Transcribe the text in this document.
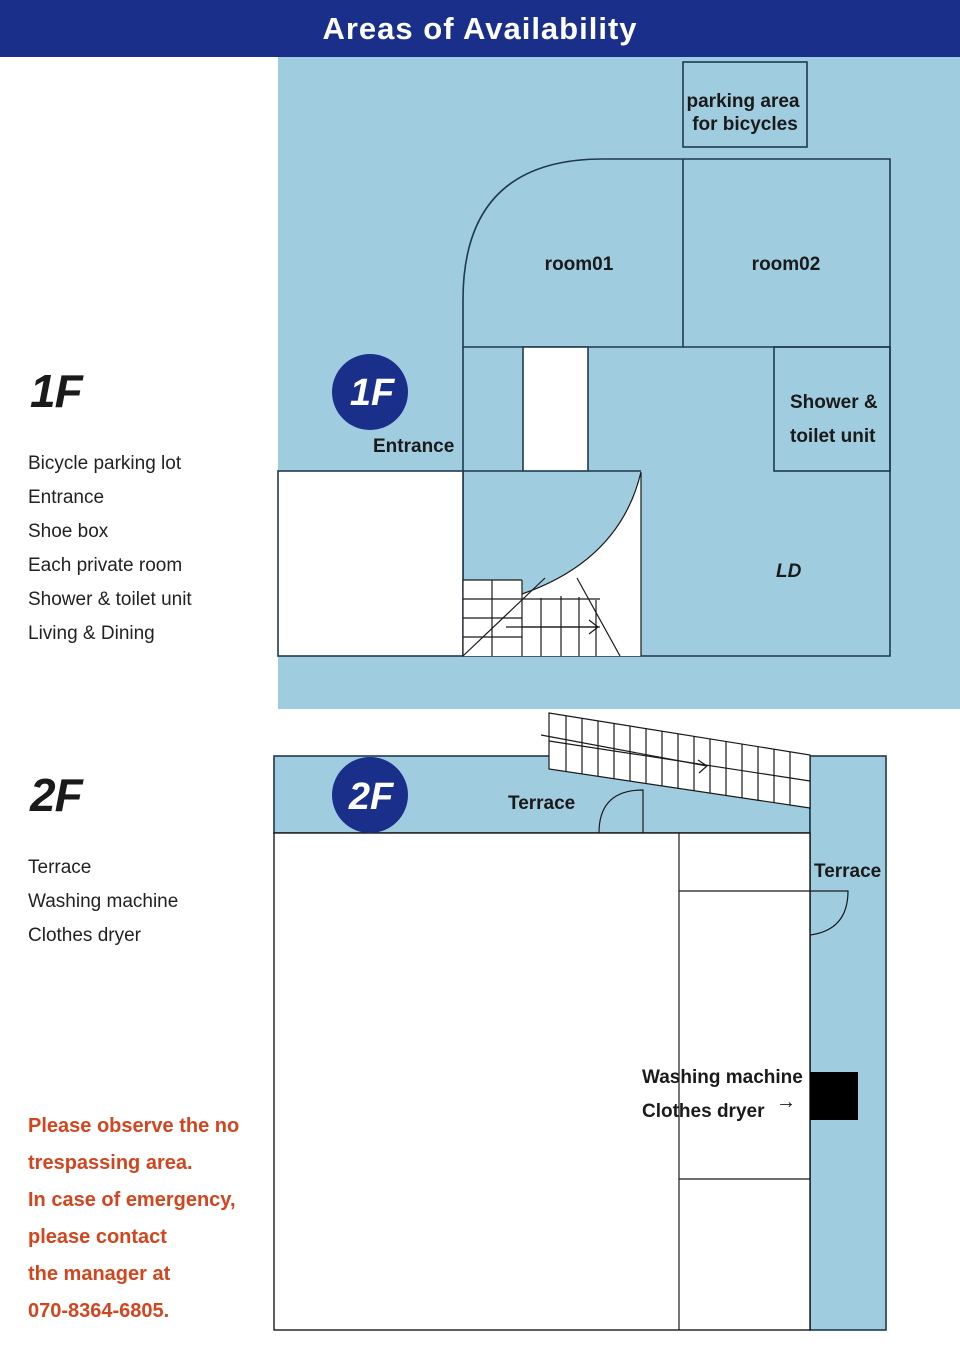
Areas of Availability
1F
Bicycle parking lot
Entrance
Shoe box
Each private room
Shower & toilet unit
Living & Dining
2F
Terrace
Washing machine
Clothes dryer
Please observe the no
trespassing area.
In case of emergency,
please contact
the manager at
070-8364-6805.
parking area
for bicycles
room01	room02
Shower &
toilet unit
1F
Entrance
LD
2F	Terrace
Terrace
Washing machine
Clothes dryer →
